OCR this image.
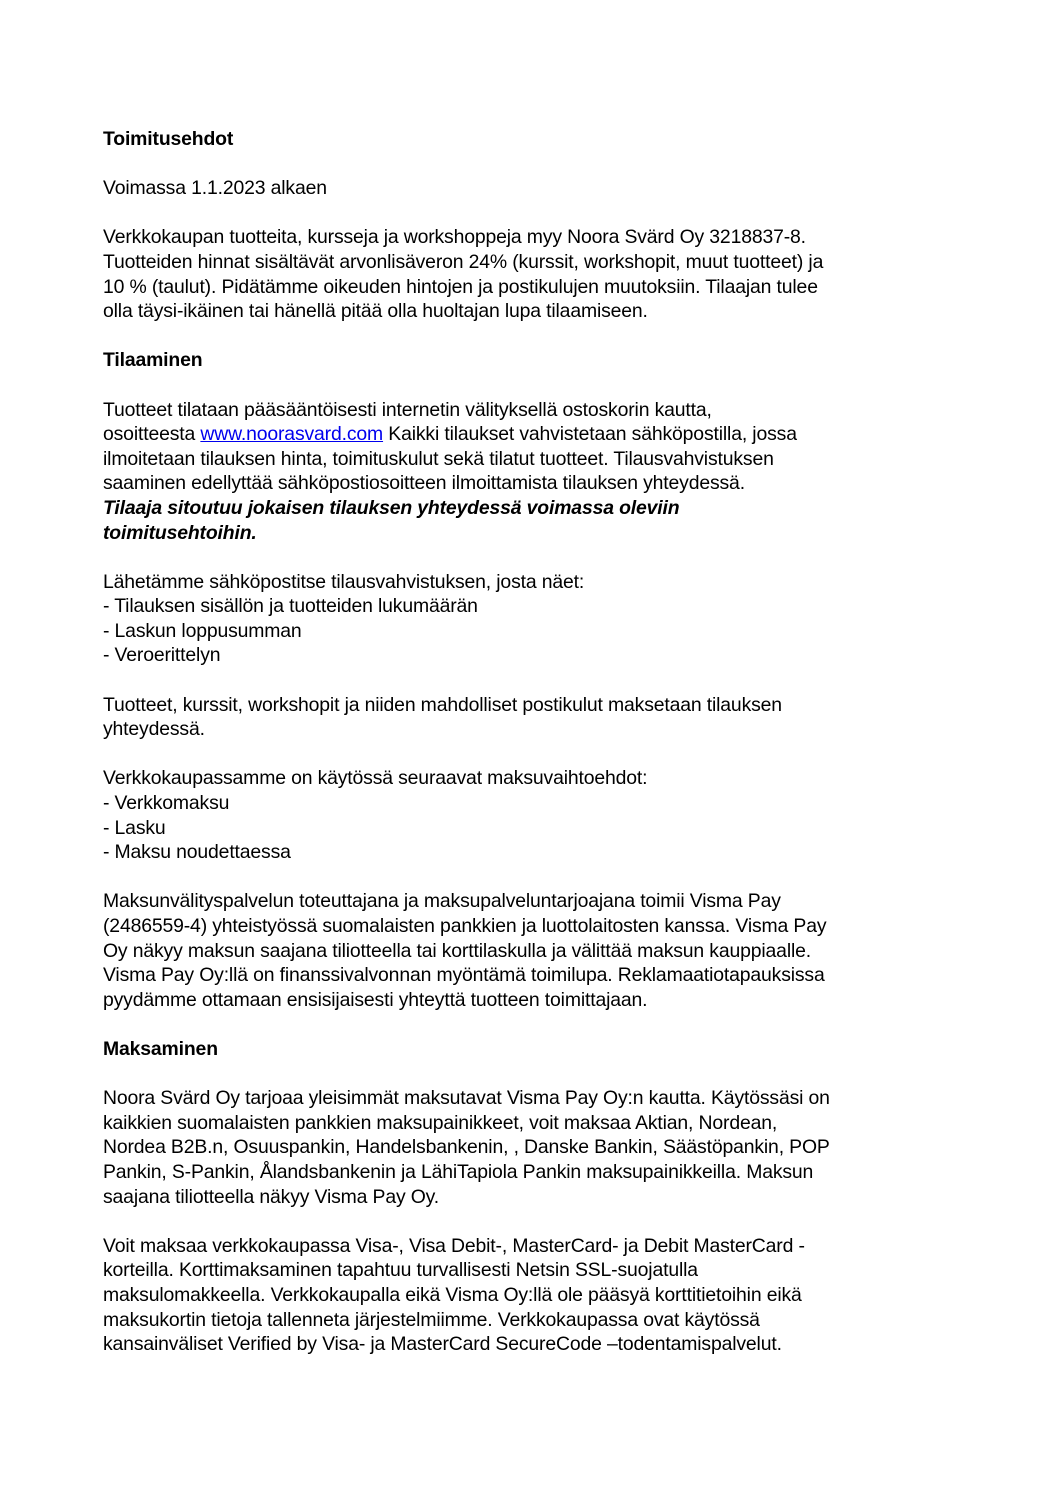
Toimitusehdot

Voimassa 1.1.2023 alkaen

Verkkokaupan tuotteita, kursseja ja workshoppeja myy Noora Svärd Oy 3218837-8.
Tuotteiden hinnat sisältävät arvonlisäveron 24% (kurssit, workshopit, muut tuotteet) ja
10 % (taulut). Pidätämme oikeuden hintojen ja postikulujen muutoksiin. Tilaajan tulee
olla täysi-ikäinen tai hänellä pitää olla huoltajan lupa tilaamiseen.

Tilaaminen

Tuotteet tilataan pääsääntöisesti internetin välityksellä ostoskorin kautta,
osoitteesta www.noorasvard.com Kaikki tilaukset vahvistetaan sähköpostilla, jossa
ilmoitetaan tilauksen hinta, toimituskulut sekä tilatut tuotteet. Tilausvahvistuksen
saaminen edellyttää sähköpostiosoitteen ilmoittamista tilauksen yhteydessä.
Tilaaja sitoutuu jokaisen tilauksen yhteydessä voimassa oleviin
toimitusehtoihin.

Lähetämme sähköpostitse tilausvahvistuksen, josta näet:
- Tilauksen sisällön ja tuotteiden lukumäärän
- Laskun loppusumman
- Veroerittelyn

Tuotteet, kurssit, workshopit ja niiden mahdolliset postikulut maksetaan tilauksen
yhteydessä.

Verkkokaupassamme on käytössä seuraavat maksuvaihtoehdot:
- Verkkomaksu
- Lasku
- Maksu noudettaessa

Maksunvälityspalvelun toteuttajana ja maksupalveluntarjoajana toimii Visma Pay
(2486559-4) yhteistyössä suomalaisten pankkien ja luottolaitosten kanssa. Visma Pay
Oy näkyy maksun saajana tiliotteella tai korttilaskulla ja välittää maksun kauppiaalle.
Visma Pay Oy:llä on finanssivalvonnan myöntämä toimilupa. Reklamaatiotapauksissa
pyydämme ottamaan ensisijaisesti yhteyttä tuotteen toimittajaan.

Maksaminen

Noora Svärd Oy tarjoaa yleisimmät maksutavat Visma Pay Oy:n kautta. Käytössäsi on
kaikkien suomalaisten pankkien maksupainikkeet, voit maksaa Aktian, Nordean,
Nordea B2B.n, Osuuspankin, Handelsbankenin, , Danske Bankin, Säästöpankin, POP
Pankin, S-Pankin, Ålandsbankenin ja LähiTapiola Pankin maksupainikkeilla. Maksun
saajana tiliotteella näkyy Visma Pay Oy.

Voit maksaa verkkokaupassa Visa-, Visa Debit-, MasterCard- ja Debit MasterCard -
korteilla. Korttimaksaminen tapahtuu turvallisesti Netsin SSL-suojatulla
maksulomakkeella. Verkkokaupalla eikä Visma Oy:llä ole pääsyä korttitietoihin eikä
maksukortin tietoja tallenneta järjestelmiimme. Verkkokaupassa ovat käytössä
kansainväliset Verified by Visa- ja MasterCard SecureCode –todentamispalvelut.
